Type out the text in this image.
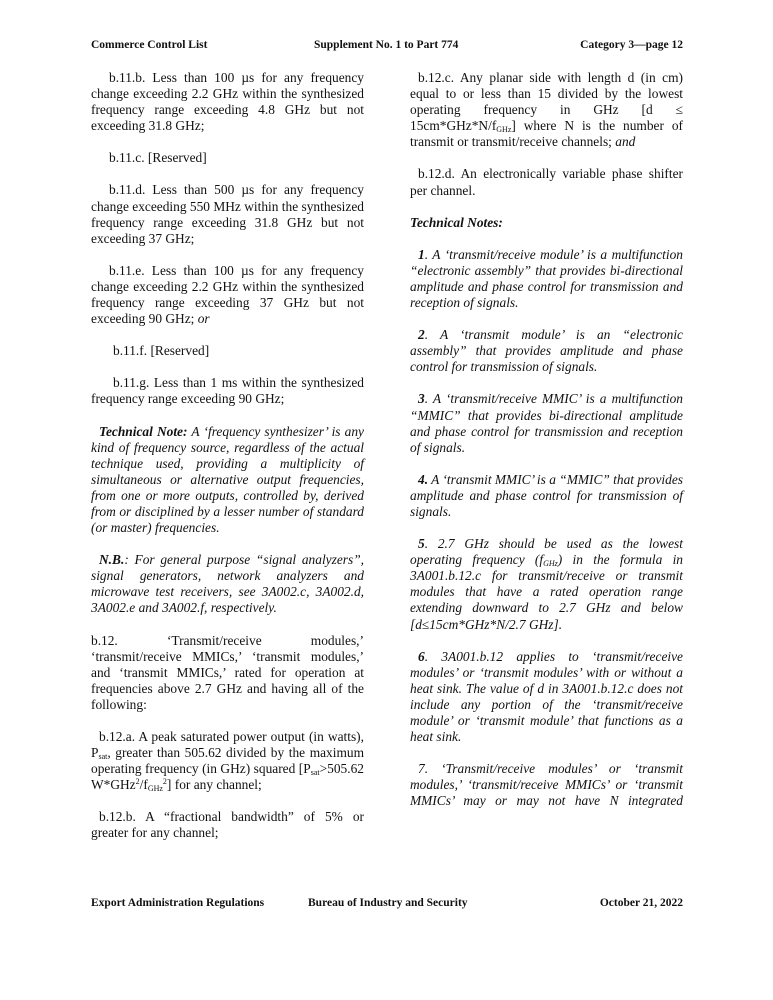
Commerce Control List	Supplement No. 1 to Part 774	Category 3—page 12

b.11.b. Less than 100 µs for any frequency change exceeding 2.2 GHz within the synthesized frequency range exceeding 4.8 GHz but not exceeding 31.8 GHz;

b.11.c. [Reserved]

b.11.d. Less than 500 µs for any frequency change exceeding 550 MHz within the synthesized frequency range exceeding 31.8 GHz but not exceeding 37 GHz;

b.11.e. Less than 100 µs for any frequency change exceeding 2.2 GHz within the synthesized frequency range exceeding 37 GHz but not exceeding 90 GHz; or

b.11.f. [Reserved]

b.11.g. Less than 1 ms within the synthesized frequency range exceeding 90 GHz;

Technical Note: A ‘frequency synthesizer’ is any kind of frequency source, regardless of the actual technique used, providing a multiplicity of simultaneous or alternative output frequencies, from one or more outputs, controlled by, derived from or disciplined by a lesser number of standard (or master) frequencies.

N.B.: For general purpose “signal analyzers”, signal generators, network analyzers and microwave test receivers, see 3A002.c, 3A002.d, 3A002.e and 3A002.f, respectively.

b.12. ‘Transmit/receive modules,’ ‘transmit/receive MMICs,’ ‘transmit modules,’ and ‘transmit MMICs,’ rated for operation at frequencies above 2.7 GHz and having all of the following:

b.12.a. A peak saturated power output (in watts), $P_{sat}$, greater than 505.62 divided by the maximum operating frequency (in GHz) squared [$P_{sat}>505.62$ $W*GHz^2/f_{GHz}^2$] for any channel;

b.12.b. A “fractional bandwidth” of 5% or greater for any channel;

b.12.c. Any planar side with length d (in cm) equal to or less than 15 divided by the lowest operating frequency in GHz $[d \le 15cm*GHz*N/f_{GHz}]$ where N is the number of transmit or transmit/receive channels; and

b.12.d. An electronically variable phase shifter per channel.

Technical Notes:

1. A ‘transmit/receive module’ is a multifunction “electronic assembly” that provides bi-directional amplitude and phase control for transmission and reception of signals.

2. A ‘transmit module’ is an “electronic assembly” that provides amplitude and phase control for transmission of signals.

3. A ‘transmit/receive MMIC’ is a multifunction “MMIC” that provides bi-directional amplitude and phase control for transmission and reception of signals.

4. A ‘transmit MMIC’ is a “MMIC” that provides amplitude and phase control for transmission of signals.

5. 2.7 GHz should be used as the lowest operating frequency $(f_{GHz})$ in the formula in 3A001.b.12.c for transmit/receive or transmit modules that have a rated operation range extending downward to 2.7 GHz and below [d≤15cm*GHz*N/2.7 GHz].

6. 3A001.b.12 applies to ‘transmit/receive modules’ or ‘transmit modules’ with or without a heat sink. The value of d in 3A001.b.12.c does not include any portion of the ‘transmit/receive module’ or ‘transmit module’ that functions as a heat sink.

7. ‘Transmit/receive modules’ or ‘transmit modules,’ ‘transmit/receive MMICs’ or ‘transmit MMICs’ may or may not have N integrated

Export Administration Regulations	Bureau of Industry and Security	October 21, 2022
